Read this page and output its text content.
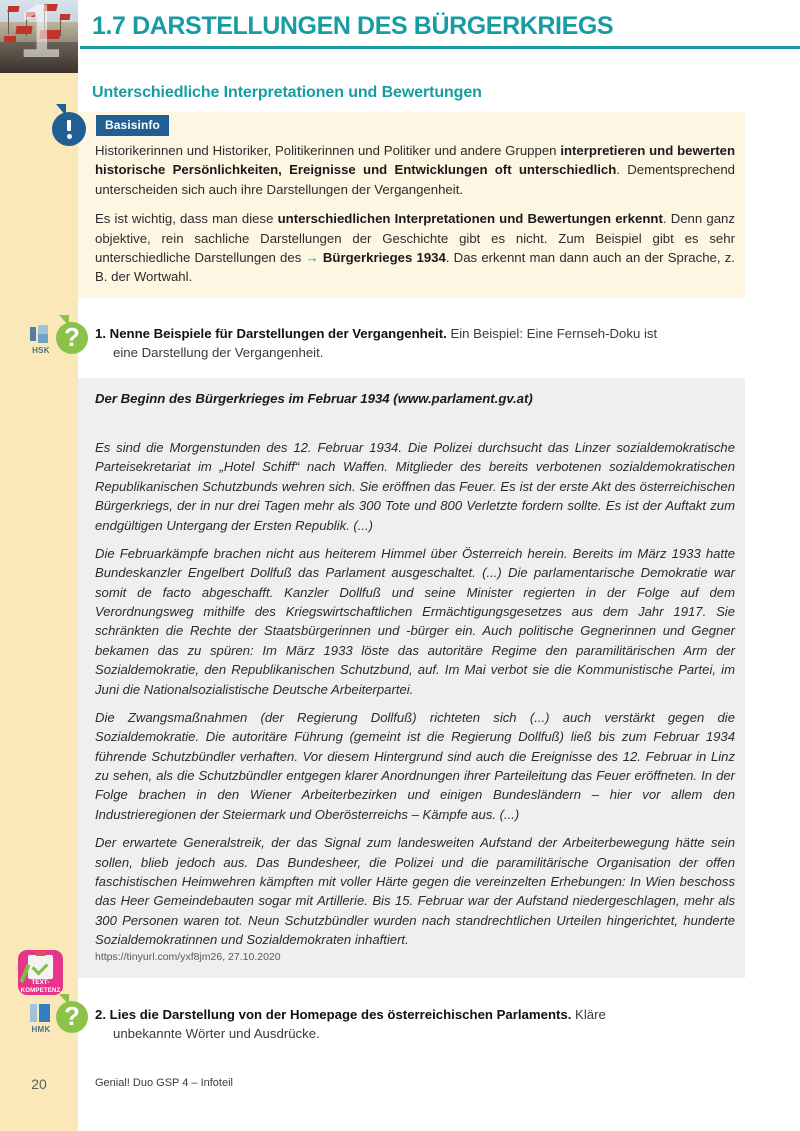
1	1.7 DARSTELLUNGEN DES BÜRGERKRIEGS
Unterschiedliche Interpretationen und Bewertungen
Basisinfo

Historikerinnen und Historiker, Politikerinnen und Politiker und andere Gruppen interpretieren und bewerten historische Persönlichkeiten, Ereignisse und Entwicklungen oft unterschiedlich. Dementsprechend unterscheiden sich auch ihre Darstellungen der Vergangenheit.

Es ist wichtig, dass man diese unterschiedlichen Interpretationen und Bewertungen erkennt. Denn ganz objektive, rein sachliche Darstellungen der Geschichte gibt es nicht. Zum Beispiel gibt es sehr unterschiedliche Darstellungen des → Bürgerkrieges 1934. Das erkennt man dann auch an der Sprache, z. B. der Wortwahl.

HSK ?	1. Nenne Beispiele für Darstellungen der Vergangenheit. Ein Beispiel: Eine Fernseh-Doku ist
eine Darstellung der Vergangenheit.
Der Beginn des Bürgerkrieges im Februar 1934 (www.parlament.gv.at)

Es sind die Morgenstunden des 12. Februar 1934. Die Polizei durchsucht das Linzer sozialdemokratische Parteisekretariat im „Hotel Schiff“ nach Waffen. Mitglieder des bereits verbotenen sozialdemokratischen Republikanischen Schutzbunds wehren sich. Sie eröffnen das Feuer. Es ist der erste Akt des österreichischen Bürgerkriegs, der in nur drei Tagen mehr als 300 Tote und 800 Verletzte fordern sollte. Es ist der Auftakt zum endgültigen Untergang der Ersten Republik. (...)

Die Februarkämpfe brachen nicht aus heiterem Himmel über Österreich herein. Bereits im März 1933 hatte Bundeskanzler Engelbert Dollfuß das Parlament ausgeschaltet. (...) Die parlamentarische Demokratie war somit de facto abgeschafft. Kanzler Dollfuß und seine Minister regierten in der Folge auf dem Verordnungsweg mithilfe des Kriegswirtschaftlichen Ermächtigungsgesetzes aus dem Jahr 1917. Sie schränkten die Rechte der Staatsbürgerinnen und -bürger ein. Auch politische Gegnerinnen und Gegner bekamen das zu spüren: Im März 1933 löste das autoritäre Regime den paramilitärischen Arm der Sozialdemokratie, den Republikanischen Schutzbund, auf. Im Mai verbot sie die Kommunistische Partei, im Juni die Nationalsozialistische Deutsche Arbeiterpartei.

Die Zwangsmaßnahmen (der Regierung Dollfuß) richteten sich (...) auch verstärkt gegen die Sozialdemokratie. Die autoritäre Führung (gemeint ist die Regierung Dollfuß) ließ bis zum Februar 1934 führende Schutzbündler verhaften. Vor diesem Hintergrund sind auch die Ereignisse des 12. Februar in Linz zu sehen, als die Schutzbündler entgegen klarer Anordnungen ihrer Parteileitung das Feuer eröffneten. In der Folge brachen in den Wiener Arbeiterbezirken und einigen Bundesländern – hier vor allem den Industrieregionen der Steiermark und Oberösterreichs – Kämpfe aus. (...)

Der erwartete Generalstreik, der das Signal zum landesweiten Aufstand der Arbeiterbewegung hätte sein sollen, blieb jedoch aus. Das Bundesheer, die Polizei und die paramilitärische Organisation der offen faschistischen Heimwehren kämpften mit voller Härte gegen die vereinzelten Erhebungen: In Wien beschoss das Heer Gemeindebauten sogar mit Artillerie. Bis 15. Februar war der Aufstand niedergeschlagen, mehr als 300 Personen waren tot. Neun Schutzbündler wurden nach standrechtlichen Urteilen hingerichtet, hunderte Sozialdemokratinnen und Sozialdemokraten inhaftiert.

https://tinyurl.com/yxf8jm26, 27.10.2020
TEXT-
KOMPETENZ
HMK ?	2. Lies die Darstellung von der Homepage des österreichischen Parlaments. Kläre
unbekannte Wörter und Ausdrücke.
20	Genial! Duo GSP 4 – Infoteil
